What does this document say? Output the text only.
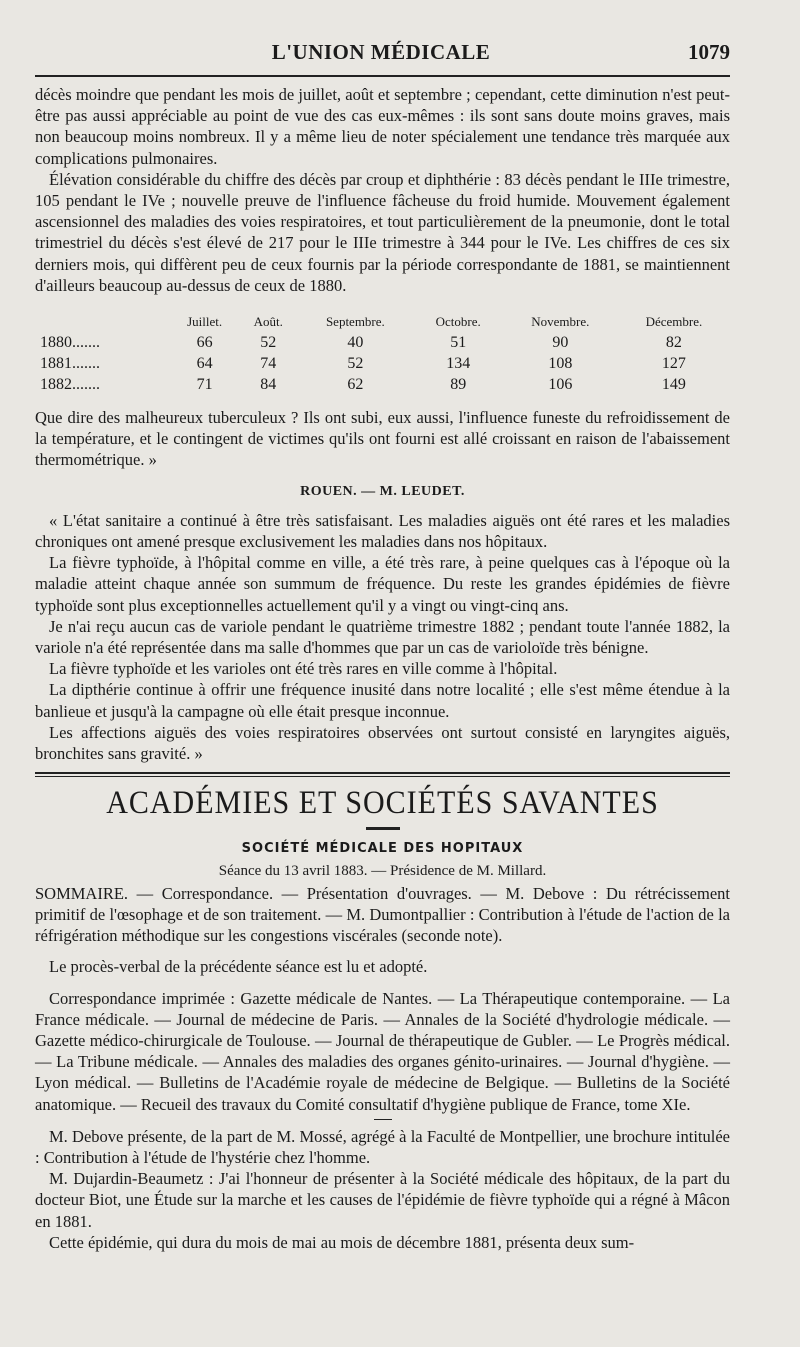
L'UNION MÉDICALE	1079

décès moindre que pendant les mois de juillet, août et septembre ; cependant, cette diminution n'est peut-être pas aussi appréciable au point de vue des cas eux-mêmes : ils sont sans doute moins graves, mais non beaucoup moins nombreux. Il y a même lieu de noter spécialement une tendance très marquée aux complications pulmonaires.

Élévation considérable du chiffre des décès par croup et diphthérie : 83 décès pendant le IIIe trimestre, 105 pendant le IVe ; nouvelle preuve de l'influence fâcheuse du froid humide. Mouvement également ascensionnel des maladies des voies respiratoires, et tout particulièrement de la pneumonie, dont le total trimestriel du décès s'est élevé de 217 pour le IIIe trimestre à 344 pour le IVe. Les chiffres de ces six derniers mois, qui diffèrent peu de ceux fournis par la période correspondante de 1881, se maintiennent d'ailleurs beaucoup au-dessus de ceux de 1880.

	Juillet.	Août.	Septembre.	Octobre.	Novembre.	Décembre.
1880.......	66	52	40	51	90	82
1881.......	64	74	52	134	108	127
1882.......	71	84	62	89	106	149

Que dire des malheureux tuberculeux ? Ils ont subi, eux aussi, l'influence funeste du refroidissement de la température, et le contingent de victimes qu'ils ont fourni est allé croissant en raison de l'abaissement thermométrique. »

ROUEN. — M. LEUDET.

« L'état sanitaire a continué à être très satisfaisant. Les maladies aiguës ont été rares et les maladies chroniques ont amené presque exclusivement les maladies dans nos hôpitaux.

La fièvre typhoïde, à l'hôpital comme en ville, a été très rare, à peine quelques cas à l'époque où la maladie atteint chaque année son summum de fréquence. Du reste les grandes épidémies de fièvre typhoïde sont plus exceptionnelles actuellement qu'il y a vingt ou vingt-cinq ans.

Je n'ai reçu aucun cas de variole pendant le quatrième trimestre 1882 ; pendant toute l'année 1882, la variole n'a été représentée dans ma salle d'hommes que par un cas de varioloïde très bénigne.

La fièvre typhoïde et les varioles ont été très rares en ville comme à l'hôpital.

La dipthérie continue à offrir une fréquence inusité dans notre localité ; elle s'est même étendue à la banlieue et jusqu'à la campagne où elle était presque inconnue.

Les affections aiguës des voies respiratoires observées ont surtout consisté en laryngites aiguës, bronchites sans gravité. »

ACADÉMIES ET SOCIÉTÉS SAVANTES
SOCIÉTÉ MÉDICALE DES HOPITAUX
Séance du 13 avril 1883. — Présidence de M. Millard.

SOMMAIRE. — Correspondance. — Présentation d'ouvrages. — M. Debove : Du rétrécissement primitif de l'œsophage et de son traitement. — M. Dumontpallier : Contribution à l'étude de l'action de la réfrigération méthodique sur les congestions viscérales (seconde note).

Le procès-verbal de la précédente séance est lu et adopté.

Correspondance imprimée : Gazette médicale de Nantes. — La Thérapeutique contemporaine. — La France médicale. — Journal de médecine de Paris. — Annales de la Société d'hydrologie médicale. — Gazette médico-chirurgicale de Toulouse. — Journal de thérapeutique de Gubler. — Le Progrès médical. — La Tribune médicale. — Annales des maladies des organes génito-urinaires. — Journal d'hygiène. — Lyon médical. — Bulletins de l'Académie royale de médecine de Belgique. — Bulletins de la Société anatomique. — Recueil des travaux du Comité consultatif d'hygiène publique de France, tome XIe.

M. Debove présente, de la part de M. Mossé, agrégé à la Faculté de Montpellier, une brochure intitulée : Contribution à l'étude de l'hystérie chez l'homme.

M. Dujardin-Beaumetz : J'ai l'honneur de présenter à la Société médicale des hôpitaux, de la part du docteur Biot, une Étude sur la marche et les causes de l'épidémie de fièvre typhoïde qui a régné à Mâcon en 1881.

Cette épidémie, qui dura du mois de mai au mois de décembre 1881, présenta deux sum-
